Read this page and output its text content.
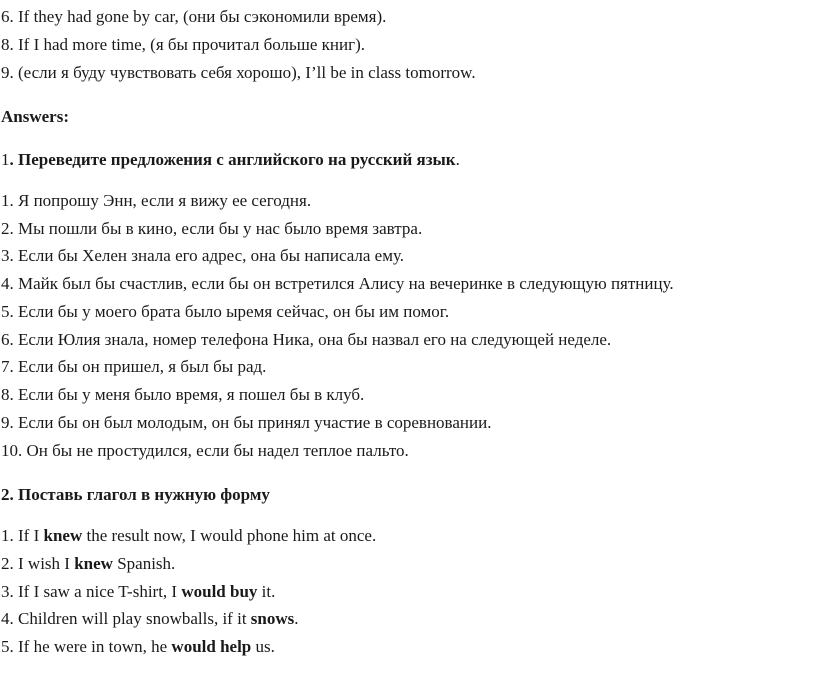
6. If they had gone by car, (они бы сэкономили время).
8. If I had more time, (я бы прочитал больше книг).
9. (если я буду чувствовать себя хорошо), I’ll be in class tomorrow.
Answers:
1. Переведите предложения с английского на русский язык.
1. Я попрошу Энн, если я вижу ее сегодня.
2. Мы пошли бы в кино, если бы у нас было время завтра.
3. Если бы Хелен знала его адрес, она бы написала ему.
4. Майк был бы счастлив, если бы он встретился Алису на вечеринке в следующую пятницу.
5. Если бы у моего брата было ыремя сейчас, он бы им помог.
6. Если Юлия знала, номер телефона Ника, она бы назвал его на следующей неделе.
7. Если бы он пришел, я был бы рад.
8. Если бы у меня было время, я пошел бы в клуб.
9. Если бы он был молодым, он бы принял участие в соревновании.
10. Он бы не простудился, если бы надел теплое пальто.
2. Поставь глагол в нужную форму
1. If I knew the result now, I would phone him at once.
2. I wish I knew Spanish.
3. If I saw a nice T-shirt, I would buy it.
4. Children will play snowballs, if it snows.
5. If he were in town, he would help us.
